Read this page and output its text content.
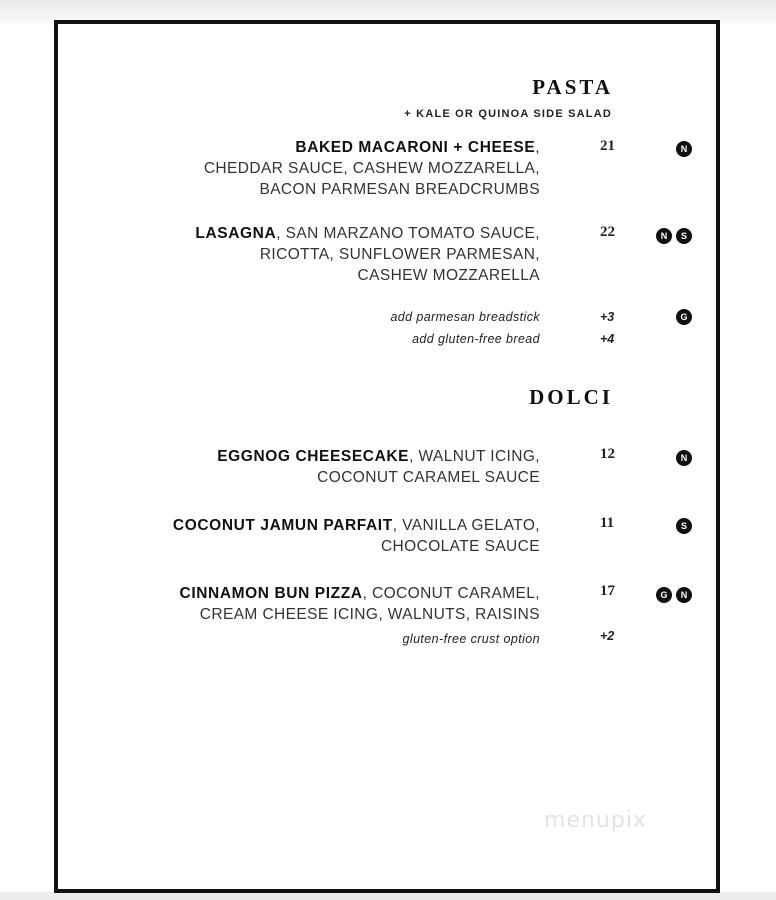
PASTA
+ KALE OR QUINOA SIDE SALAD
BAKED MACARONI + CHEESE,
CHEDDAR SAUCE, CASHEW MOZZARELLA,
BACON PARMESAN BREADCRUMBS
21	N
LASAGNA, SAN MARZANO TOMATO SAUCE,
RICOTTA, SUNFLOWER PARMESAN,
CASHEW MOZZARELLA
22	N	S
add parmesan breadstick	+3	G
add gluten-free bread	+4
DOLCI
EGGNOG CHEESECAKE, WALNUT ICING,
COCONUT CARAMEL SAUCE
12	N
COCONUT JAMUN PARFAIT, VANILLA GELATO,
CHOCOLATE SAUCE
11	S
CINNAMON BUN PIZZA, COCONUT CARAMEL,
CREAM CHEESE ICING, WALNUTS, RAISINS
17	G	N
gluten-free crust option	+2
menupix
